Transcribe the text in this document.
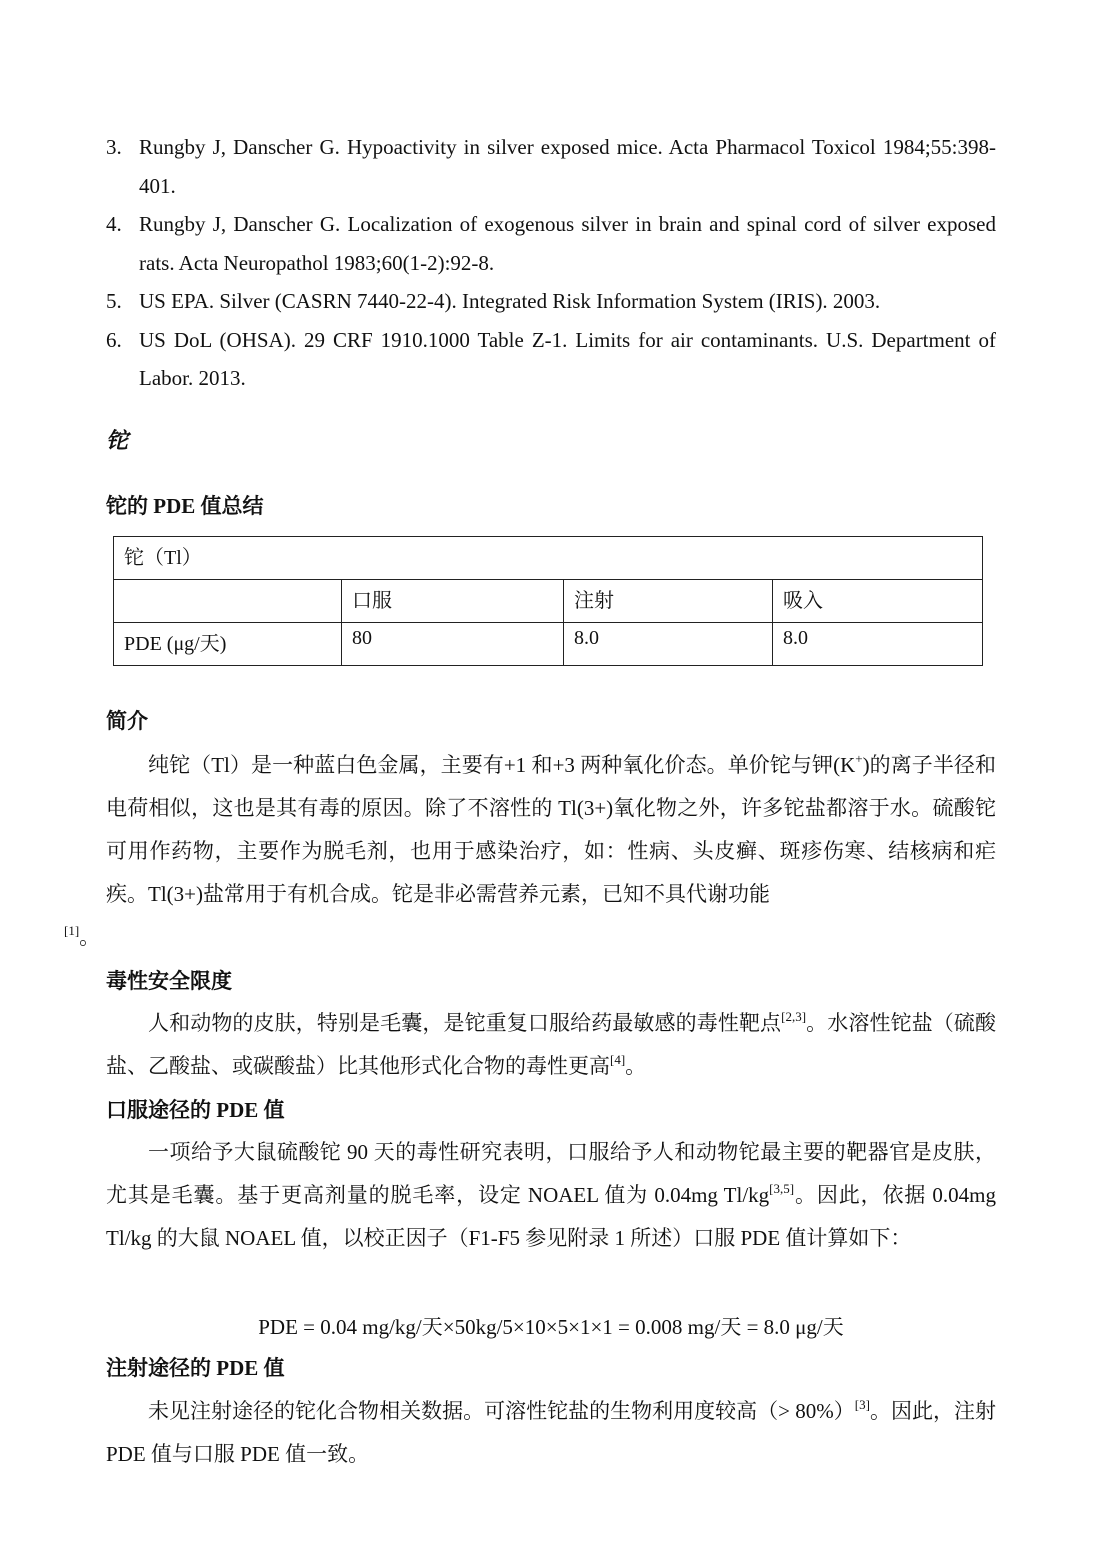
3. Rungby J, Danscher G. Hypoactivity in silver exposed mice. Acta Pharmacol Toxicol 1984;55:398-401.
4. Rungby J, Danscher G. Localization of exogenous silver in brain and spinal cord of silver exposed rats. Acta Neuropathol 1983;60(1-2):92-8.
5. US EPA. Silver (CASRN 7440-22-4). Integrated Risk Information System (IRIS). 2003.
6. US DoL (OHSA). 29 CRF 1910.1000 Table Z-1. Limits for air contaminants. U.S. Department of Labor. 2013.
铊
铊的 PDE 值总结
铊（Tl）			
	口服	注射	吸入
PDE (μg/天)	80	8.0	8.0
简介

纯铊（Tl）是一种蓝白色金属，主要有+1 和+3 两种氧化价态。单价铊与钾(K+)的离子半径和电荷相似，这也是其有毒的原因。除了不溶性的 Tl(3+)氧化物之外，许多铊盐都溶于水。硫酸铊可用作药物，主要作为脱毛剂，也用于感染治疗，如：性病、头皮癣、斑疹伤寒、结核病和疟疾。Tl(3+)盐常用于有机合成。铊是非必需营养元素，已知不具代谢功能
[1]。

毒性安全限度

人和动物的皮肤，特别是毛囊，是铊重复口服给药最敏感的毒性靶点[2,3]。水溶性铊盐（硫酸盐、乙酸盐、或碳酸盐）比其他形式化合物的毒性更高[4]。

口服途径的 PDE 值

一项给予大鼠硫酸铊 90 天的毒性研究表明，口服给予人和动物铊最主要的靶器官是皮肤，尤其是毛囊。基于更高剂量的脱毛率，设定 NOAEL 值为 0.04mg Tl/kg[3,5]。因此，依据 0.04mg Tl/kg 的大鼠 NOAEL 值，以校正因子（F1-F5 参见附录 1 所述）口服 PDE 值计算如下：

PDE = 0.04 mg/kg/天×50kg/5×10×5×1×1 = 0.008 mg/天 = 8.0 μg/天
注射途径的 PDE 值

未见注射途径的铊化合物相关数据。可溶性铊盐的生物利用度较高（> 80%）[3]。因此，注射 PDE 值与口服 PDE 值一致。
